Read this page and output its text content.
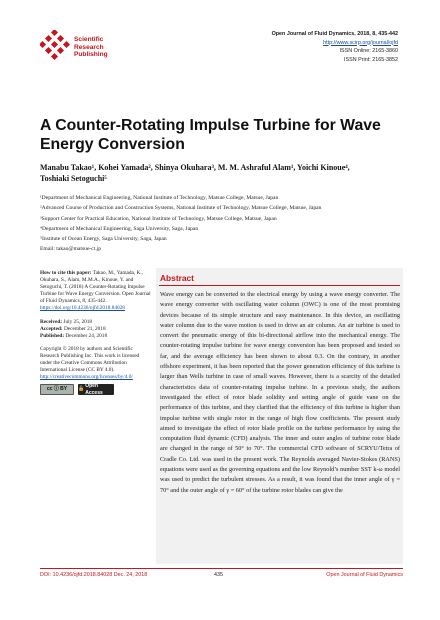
Scientific
Research
Publishing
Open Journal of Fluid Dynamics, 2018, 8, 435-442
http://www.scirp.org/journal/ojfd
ISSN Online: 2165-3860
ISSN Print: 2165-3852
A Counter-Rotating Impulse Turbine for Wave Energy Conversion
Manabu Takao¹, Kohei Yamada², Shinya Okuhara³, M. M. Ashraful Alam¹, Yoichi Kinoue⁴,
Toshiaki Setoguchi⁵
¹Department of Mechanical Engineering, National Institute of Technology, Matsue College, Matsue, Japan
²Advanced Course of Production and Construction Systems, National Institute of Technology, Matsue College, Matsue, Japan
³Support Center for Practical Education, National Institute of Technology, Matsue College, Matsue, Japan
⁴Department of Mechanical Engineering, Saga University, Saga, Japan
⁵Institute of Ocean Energy, Saga University, Saga, Japan
Email: takao@matsue-ct.jp
How to cite this paper: Takao, M., Yamada, K., Okuhara, S., Alam, M.M.A., Kinoue, Y. and Setoguchi, T. (2018) A Counter-Rotating Impulse Turbine for Wave Energy Conversion. Open Journal of Fluid Dynamics, 8, 435-442.
https://doi.org/10.4236/ojfd.2018.84028
Received: July 25, 2018
Accepted: December 21, 2018
Published: December 24, 2018
Copyright © 2018 by authors and Scientific Research Publishing Inc. This work is licensed under the Creative Commons Attribution International License (CC BY 4.0).
http://creativecommons.org/licenses/by/4.0/
cc ⓘ BY	🔓
Open Access
Abstract

Wave energy can be converted to the electrical energy by using a wave energy converter. The wave energy converter with oscillating water column (OWC) is one of the most promising devices because of its simple structure and easy maintenance. In this device, an oscillating water column due to the wave motion is used to drive an air column. An air turbine is used to convert the pneumatic energy of this bi-directional airflow into the mechanical energy. The counter-rotating impulse turbine for wave energy conversion has been proposed and tested so far, and the average efficiency has been shown to about 0.3. On the contrary, in another offshore experiment, it has been reported that the power generation efficiency of this turbine is larger than Wells turbine in case of small waves. However, there is a scarcity of the detailed characteristics data of counter-rotating impulse turbine. In a previous study, the authors investigated the effect of rotor blade solidity and setting angle of guide vane on the performance of this turbine, and they clarified that the efficiency of this turbine is higher than impulse turbine with single rotor in the range of high flow coefficients. The present study aimed to investigate the effect of rotor blade profile on the turbine performance by using the computation fluid dynamic (CFD) analysis. The inner and outer angles of turbine rotor blade are changed in the range of 50° to 70°. The commercial CFD software of SCRYU/Tetra of Cradle Co. Ltd. was used in the present work. The Reynolds averaged Navier-Stokes (RANS) equations were used as the governing equations and the low Reynold’s number SST k-ω model was used to predict the turbulent stresses. As a result, it was found that the inner angle of γ = 70° and the outer angle of γ = 60° of the turbine rotor blades can give the

DOI: 10.4236/ojfd.2018.84028 Dec. 24, 2018	435	Open Journal of Fluid Dynamics
